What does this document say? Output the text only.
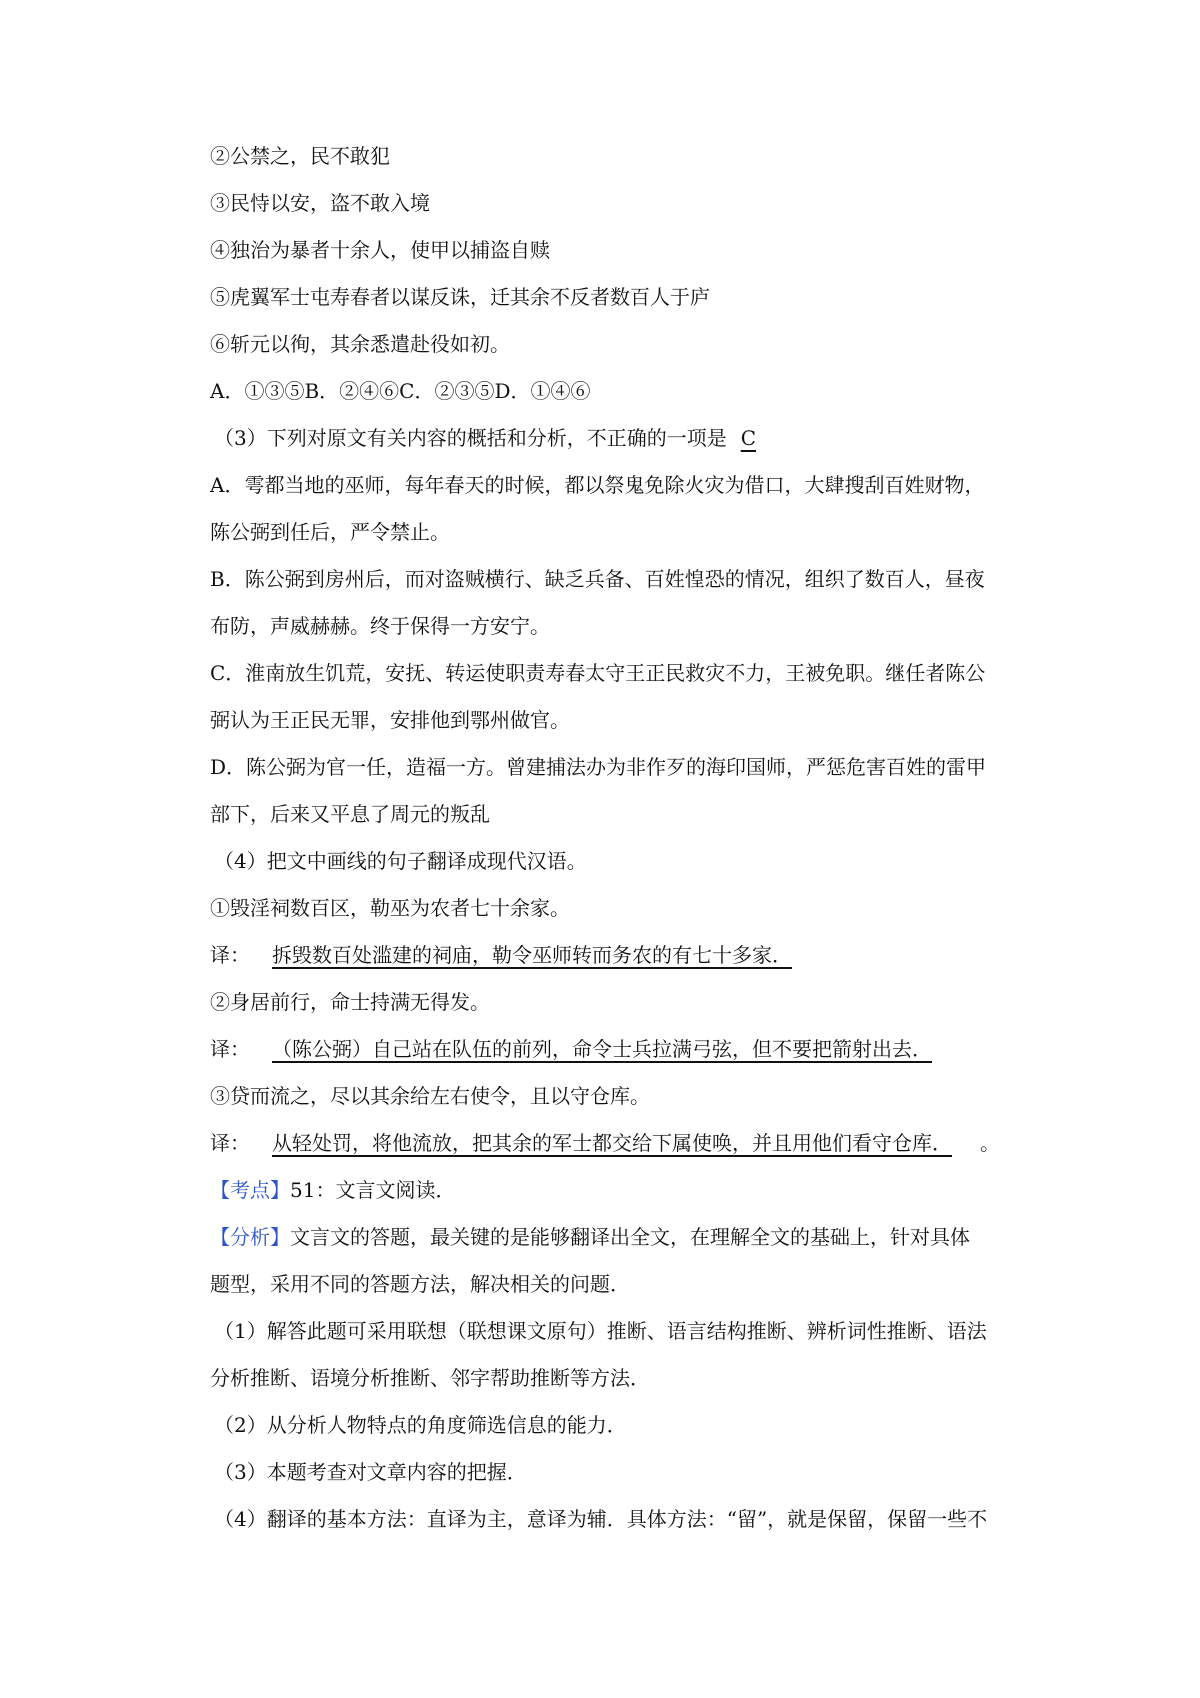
②公禁之，民不敢犯
③民恃以安，盗不敢入境
④独治为暴者十余人，使甲以捕盗自赎
⑤虎翼军士屯寿春者以谋反诛，迁其余不反者数百人于庐
⑥斩元以徇，其余悉遣赴役如初。
A．①③⑤B．②④⑥C．②③⑤D．①④⑥
（3）下列对原文有关内容的概括和分析，不正确的一项是 C
A．雩都当地的巫师，每年春天的时候，都以祭鬼免除火灾为借口，大肆搜刮百姓财物，
陈公弼到任后，严令禁止。
B．陈公弼到房州后，而对盗贼横行、缺乏兵备、百姓惶恐的情况，组织了数百人，昼夜
布防，声威赫赫。终于保得一方安宁。
C．淮南放生饥荒，安抚、转运使职责寿春太守王正民救灾不力，王被免职。继任者陈公
弼认为王正民无罪，安排他到鄂州做官。
D．陈公弼为官一任，造福一方。曾建捕法办为非作歹的海印国师，严惩危害百姓的雷甲
部下，后来又平息了周元的叛乱
（4）把文中画线的句子翻译成现代汉语。
①毁淫祠数百区，勒巫为农者七十余家。
译： 拆毁数百处滥建的祠庙，勒令巫师转而务农的有七十多家．
②身居前行，命士持满无得发。
译： （陈公弼）自己站在队伍的前列，命令士兵拉满弓弦，但不要把箭射出去．
③贷而流之，尽以其余给左右使令，且以守仓库。
译： 从轻处罚，将他流放，把其余的军士都交给下属使唤，并且用他们看守仓库． 。
【考点】51：文言文阅读．
【分析】文言文的答题，最关键的是能够翻译出全文，在理解全文的基础上，针对具体
题型，采用不同的答题方法，解决相关的问题．
（1）解答此题可采用联想（联想课文原句）推断、语言结构推断、辨析词性推断、语法
分析推断、语境分析推断、邻字帮助推断等方法．
（2）从分析人物特点的角度筛选信息的能力．
（3）本题考查对文章内容的把握．
（4）翻译的基本方法：直译为主，意译为辅．具体方法：“留”，就是保留，保留一些不
